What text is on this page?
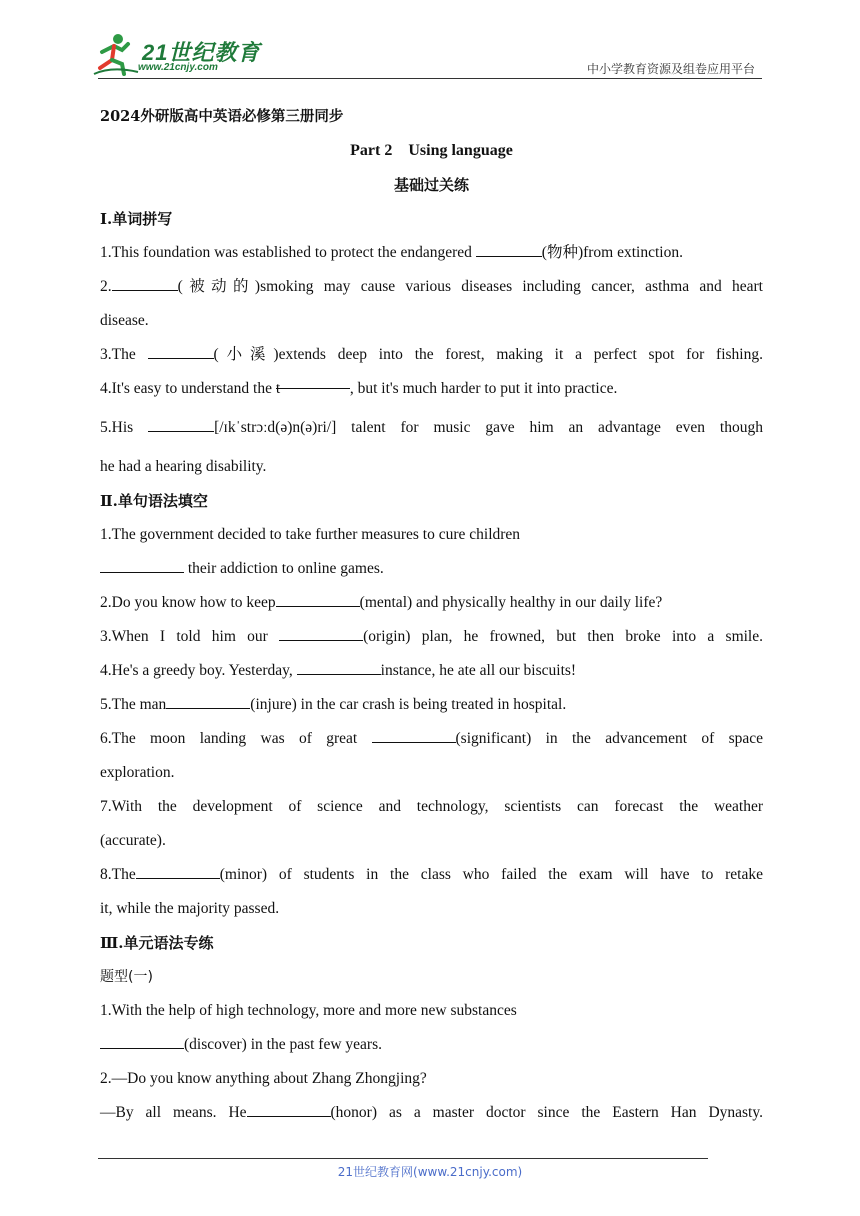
21世纪教育
www.21cnjy.com	中小学教育资源及组卷应用平台
2024外研版高中英语必修第三册同步
Part 2　Using language
基础过关练
Ⅰ.单词拼写
1.This foundation was established to protect the endangered	(物种)from extinction.
2.	(被动的)smoking may cause various diseases including cancer, asthma and heart
disease.
3.The	(小溪)extends deep into the forest, making it a perfect spot for fishing.
4.It's easy to understand the t	, but it's much harder to put it into practice.
5.His	[/ɪkˈstrɔːd(ə)n(ə)ri/] talent for music gave him an advantage even though
he had a hearing disability.
Ⅱ.单句语法填空
1.The government decided to take further measures to cure children
their addiction to online games.
2.Do you know how to keep	(mental) and physically healthy in our daily life?
3.When I told him our	(origin) plan, he frowned, but then broke into a smile.
4.He's a greedy boy. Yesterday,	instance, he ate all our biscuits!
5.The man	(injure) in the car crash is being treated in hospital.
6.The moon landing was of great	(significant) in the advancement of space
exploration.
7.With the development of science and technology, scientists can forecast the weather
(accurate).
8.The	(minor) of students in the class who failed the exam will have to retake
it, while the majority passed.
Ⅲ.单元语法专练
题型(一)
1.With the help of high technology, more and more new substances
(discover) in the past few years.
2.—Do you know anything about Zhang Zhongjing?
—By all means. He	(honor) as a master doctor since the Eastern Han Dynasty.
21世纪教育网(www.21cnjy.com)
